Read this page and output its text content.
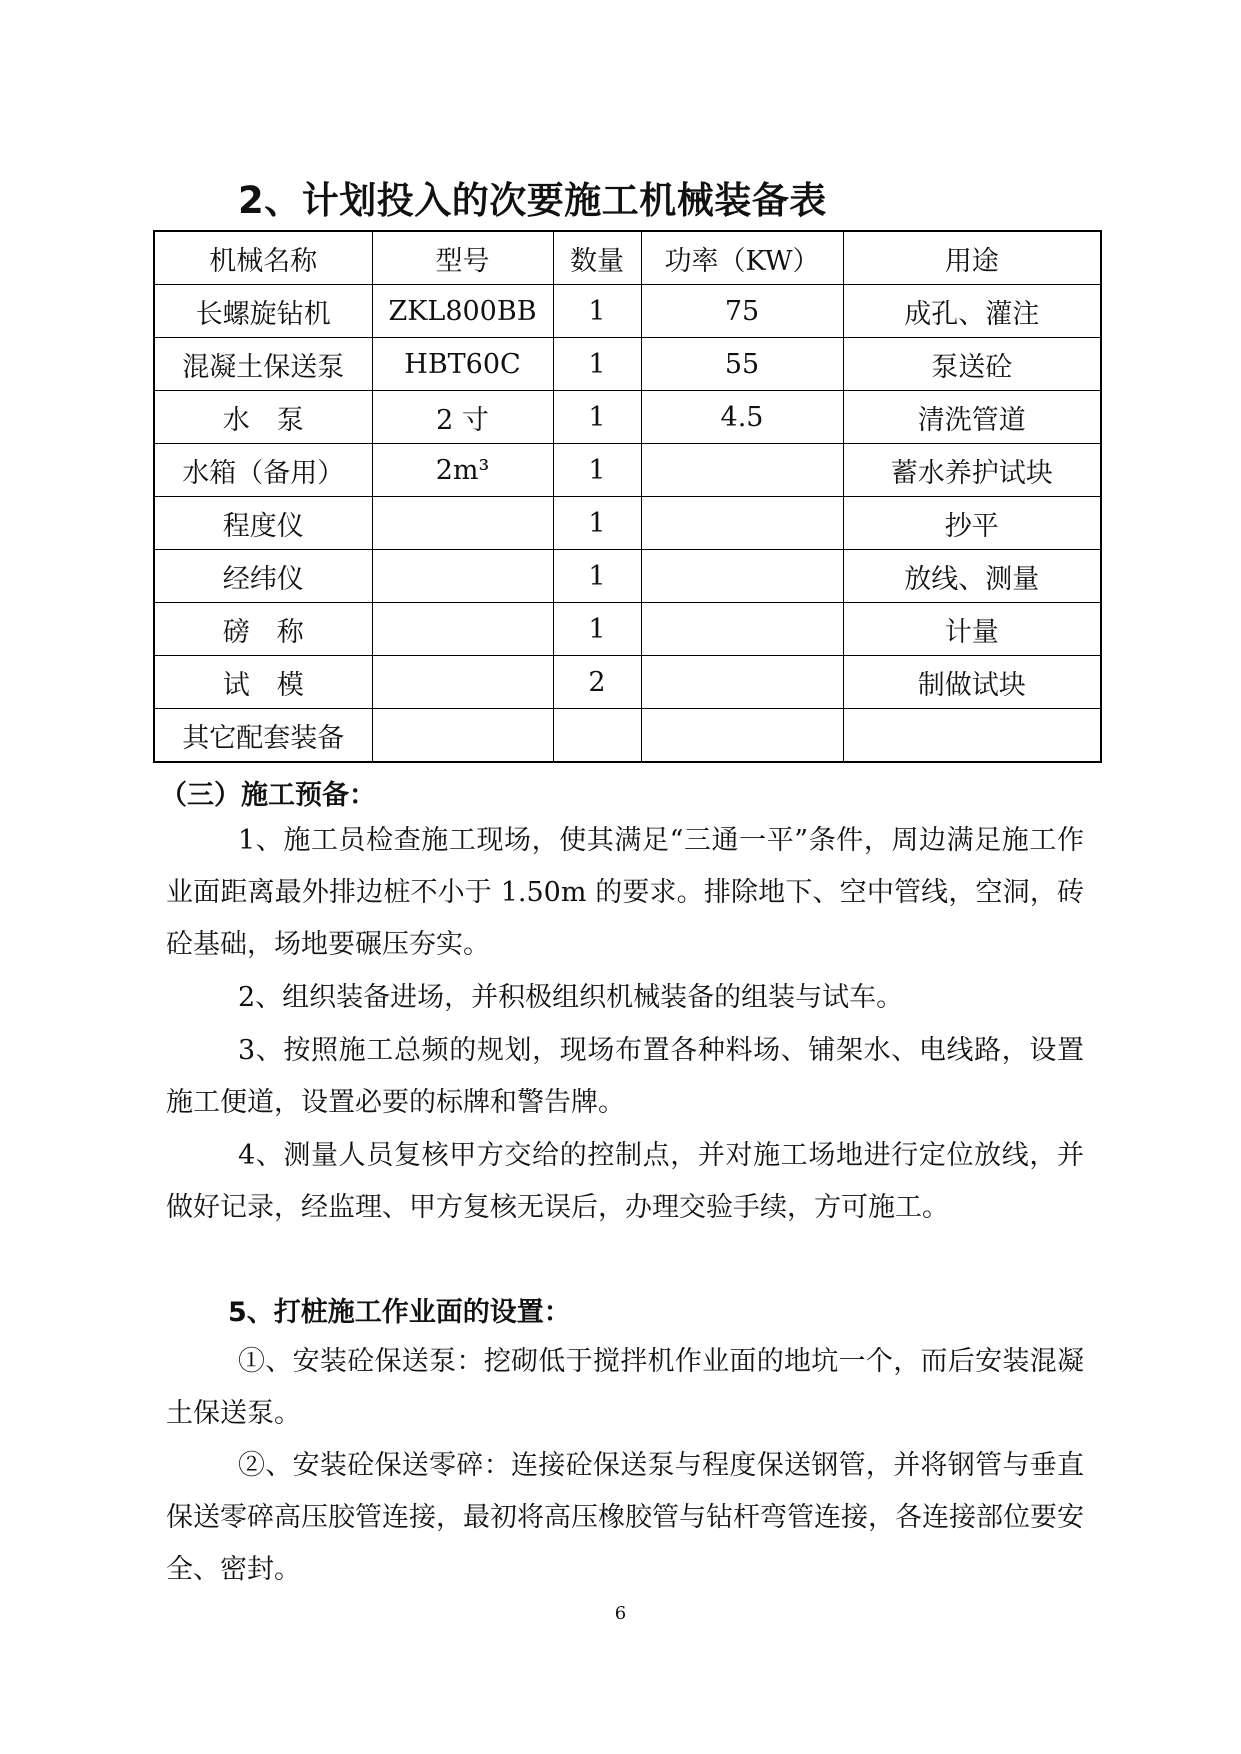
2、计划投入的次要施工机械装备表
机械名称	型号	数量	功率（KW）	用途
长螺旋钻机	ZKL800BB	1	75	成孔、灌注
混凝土保送泵	HBT60C	1	55	泵送砼
水　泵	2 寸	1	4.5	清洗管道
水箱（备用）	2m³	1		蓄水养护试块
程度仪		1		抄平
经纬仪		1		放线、测量
磅　称		1		计量
试　模		2		制做试块
其它配套装备				
（三）施工预备：
1、施工员检查施工现场，使其满足“三通一平”条件，周边满足施工作业面距离最外排边桩不小于 1.50m 的要求。排除地下、空中管线，空洞，砖砼基础，场地要碾压夯实。
2、组织装备进场，并积极组织机械装备的组装与试车。
3、按照施工总频的规划，现场布置各种料场、铺架水、电线路，设置施工便道，设置必要的标牌和警告牌。
4、测量人员复核甲方交给的控制点，并对施工场地进行定位放线，并做好记录，经监理、甲方复核无误后，办理交验手续，方可施工。
5、打桩施工作业面的设置：
①、安装砼保送泵：挖砌低于搅拌机作业面的地坑一个，而后安装混凝土保送泵。
②、安装砼保送零碎：连接砼保送泵与程度保送钢管，并将钢管与垂直保送零碎高压胶管连接，最初将高压橡胶管与钻杆弯管连接，各连接部位要安全、密封。
6
